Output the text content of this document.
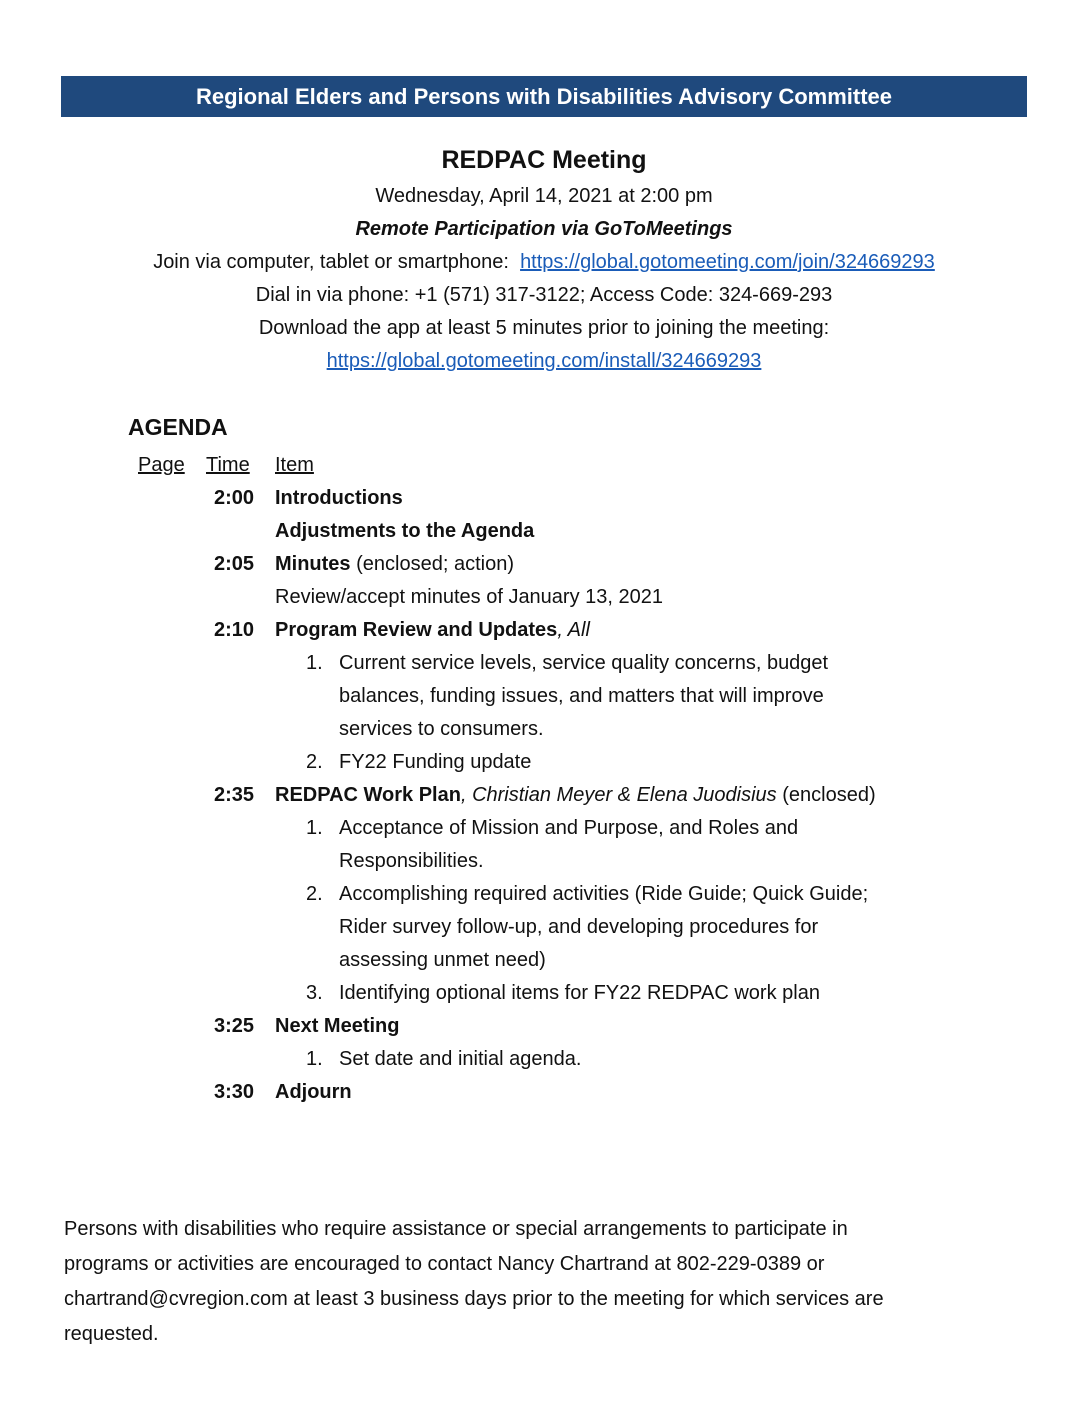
Regional Elders and Persons with Disabilities Advisory Committee

REDPAC Meeting

Wednesday, April 14, 2021 at 2:00 pm

Remote Participation via GoToMeetings

Join via computer, tablet or smartphone: https://global.gotomeeting.com/join/324669293

Dial in via phone: +1 (571) 317-3122; Access Code: 324-669-293

Download the app at least 5 minutes prior to joining the meeting:

https://global.gotomeeting.com/install/324669293

AGENDA
Page Time Item
2:00 Introductions
Adjustments to the Agenda
2:05 Minutes (enclosed; action)
Review/accept minutes of January 13, 2021
2:10 Program Review and Updates, All
1. Current service levels, service quality concerns, budget
balances, funding issues, and matters that will improve
services to consumers.
2. FY22 Funding update
2:35 REDPAC Work Plan, Christian Meyer & Elena Juodisius (enclosed)
1. Acceptance of Mission and Purpose, and Roles and
Responsibilities.
2. Accomplishing required activities (Ride Guide; Quick Guide;
Rider survey follow-up, and developing procedures for
assessing unmet need)
3. Identifying optional items for FY22 REDPAC work plan
3:25 Next Meeting
1. Set date and initial agenda.
3:30 Adjourn

Persons with disabilities who require assistance or special arrangements to participate in
programs or activities are encouraged to contact Nancy Chartrand at 802-229-0389 or
chartrand@cvregion.com at least 3 business days prior to the meeting for which services are
requested.
